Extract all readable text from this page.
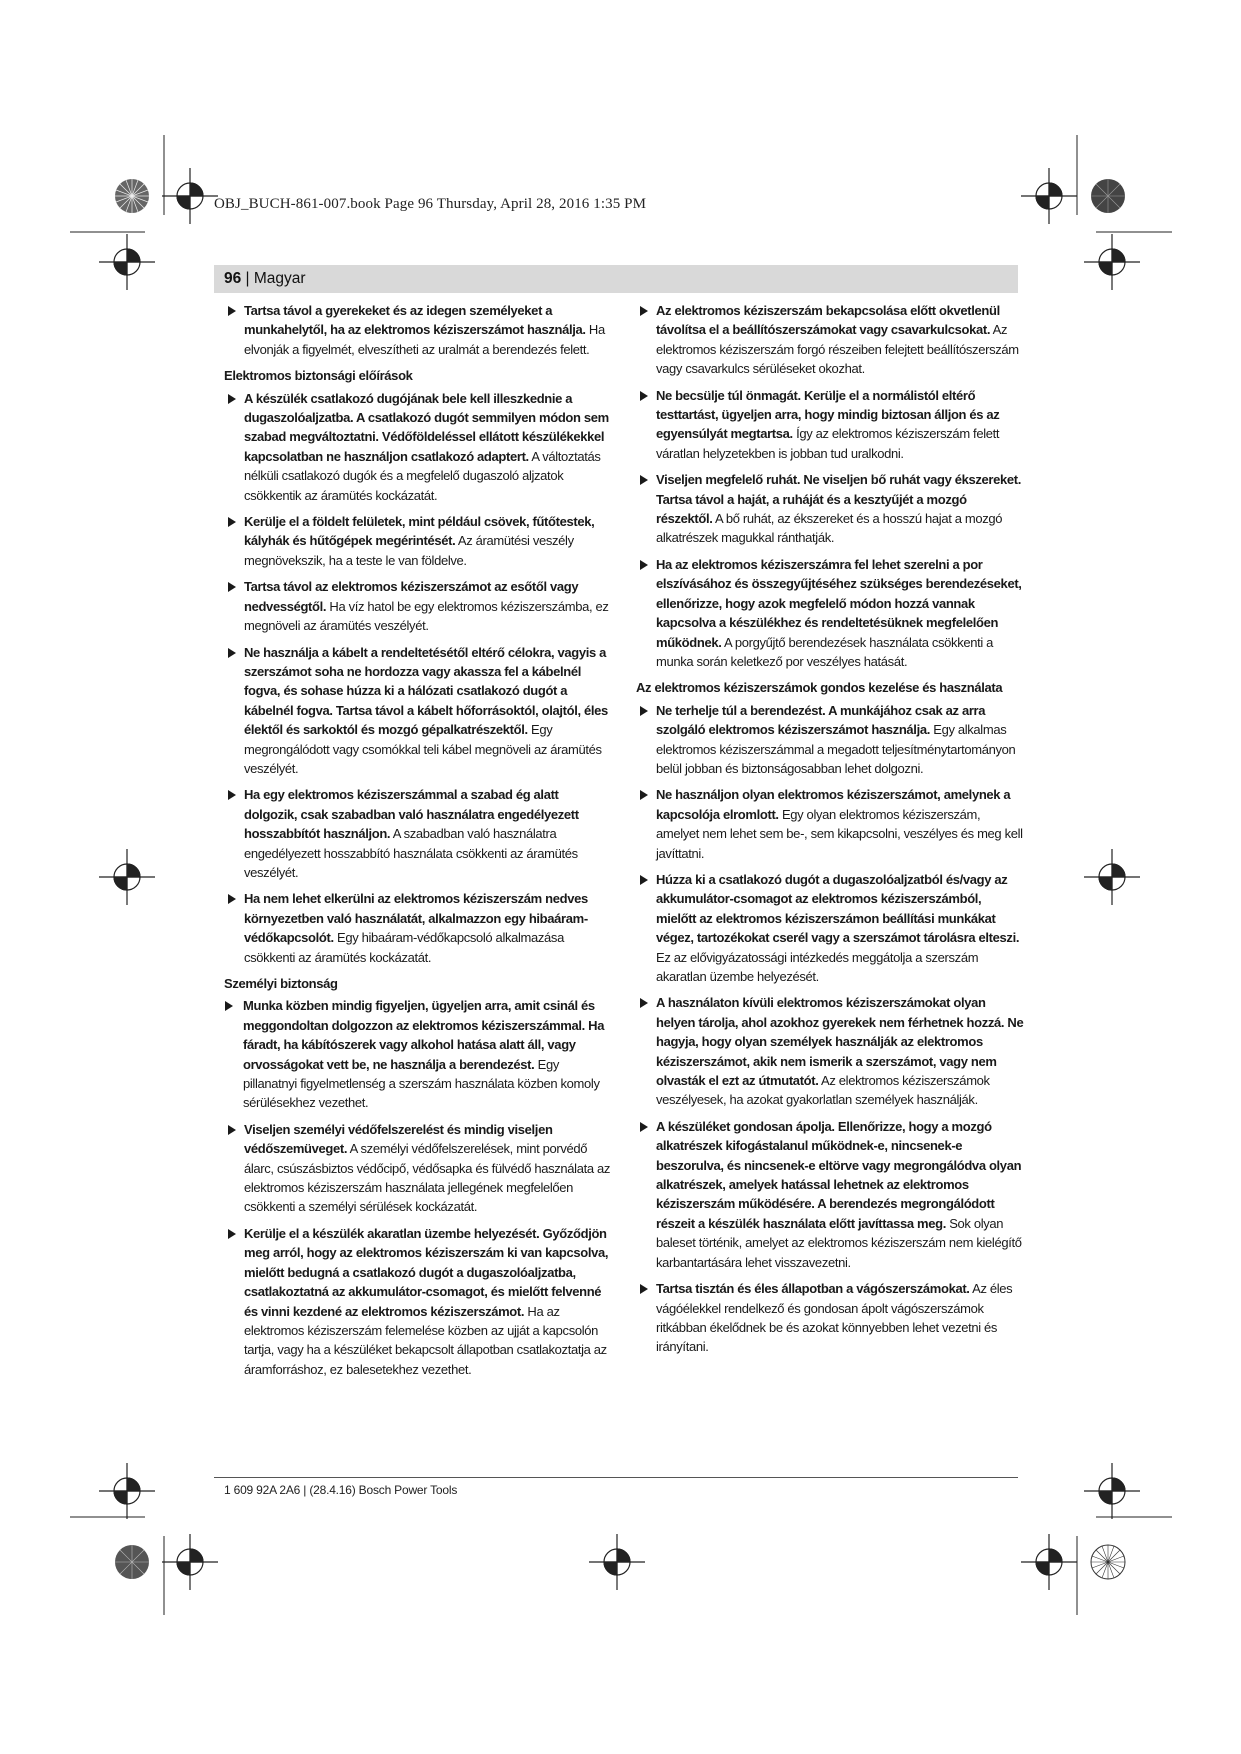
OBJ_BUCH-861-007.book Page 96 Thursday, April 28, 2016 1:35 PM
96 | Magyar
Tartsa távol a gyerekeket és az idegen személyeket a munkahelytől, ha az elektromos kéziszerszámot használja. Ha elvonják a figyelmét, elveszítheti az uralmát a berendezés felett.
Elektromos biztonsági előírások
A készülék csatlakozó dugójának bele kell illeszkednie a dugaszolóaljzatba. A csatlakozó dugót semmilyen módon sem szabad megváltoztatni. Védőföldeléssel ellátott készülékekkel kapcsolatban ne használjon csatlakozó adaptert. A változtatás nélküli csatlakozó dugók és a megfelelő dugaszoló aljzatok csökkentik az áramütés kockázatát.
Kerülje el a földelt felületek, mint például csövek, fűtőtestek, kályhák és hűtőgépek megérintését. Az áramütési veszély megnövekszik, ha a teste le van földelve.
Tartsa távol az elektromos kéziszerszámot az esőtől vagy nedvességtől. Ha víz hatol be egy elektromos kéziszerszámba, ez megnöveli az áramütés veszélyét.
Ne használja a kábelt a rendeltetésétől eltérő célokra, vagyis a szerszámot soha ne hordozza vagy akassza fel a kábelnél fogva, és sohase húzza ki a hálózati csatlakozó dugót a kábelnél fogva. Tartsa távol a kábelt hőforrásoktól, olajtól, éles élektől és sarkoktól és mozgó gépalkatrészektől. Egy megrongálódott vagy csomókkal teli kábel megnöveli az áramütés veszélyét.
Ha egy elektromos kéziszerszámmal a szabad ég alatt dolgozik, csak szabadban való használatra engedélyezett hosszabbítót használjon. A szabadban való használatra engedélyezett hosszabbító használata csökkenti az áramütés veszélyét.
Ha nem lehet elkerülni az elektromos kéziszerszám nedves környezetben való használatát, alkalmazzon egy hibaáram-védőkapcsolót. Egy hibaáram-védőkapcsoló alkalmazása csökkenti az áramütés kockázatát.
Személyi biztonság
Munka közben mindig figyeljen, ügyeljen arra, amit csinál és meggondoltan dolgozzon az elektromos kéziszerszámmal. Ha fáradt, ha kábítószerek vagy alkohol hatása alatt áll, vagy orvosságokat vett be, ne használja a berendezést. Egy pillanatnyi figyelmetlenség a szerszám használata közben komoly sérülésekhez vezethet.
Viseljen személyi védőfelszerelést és mindig viseljen védőszemüveget. A személyi védőfelszerelések, mint porvédő álarc, csúszásbiztos védőcipő, védősapka és fülvédő használata az elektromos kéziszerszám használata jellegének megfelelően csökkenti a személyi sérülések kockázatát.
Kerülje el a készülék akaratlan üzembe helyezését. Győződjön meg arról, hogy az elektromos kéziszerszám ki van kapcsolva, mielőtt bedugná a csatlakozó dugót a dugaszolóaljzatba, csatlakoztatná az akkumulátor-csomagot, és mielőtt felvenné és vinni kezdené az elektromos kéziszerszámot. Ha az elektromos kéziszerszám felemelése közben az ujját a kapcsolón tartja, vagy ha a készüléket bekapcsolt állapotban csatlakoztatja az áramforráshoz, ez balesetekhez vezethet.
Az elektromos kéziszerszám bekapcsolása előtt okvetlenül távolítsa el a beállítószerszámokat vagy csavarkulcsokat. Az elektromos kéziszerszám forgó részeiben felejtett beállítószerszám vagy csavarkulcs sérüléseket okozhat.
Ne becsülje túl önmagát. Kerülje el a normálistól eltérő testtartást, ügyeljen arra, hogy mindig biztosan álljon és az egyensúlyát megtartsa. Így az elektromos kéziszerszám felett váratlan helyzetekben is jobban tud uralkodni.
Viseljen megfelelő ruhát. Ne viseljen bő ruhát vagy ékszereket. Tartsa távol a haját, a ruháját és a kesztyűjét a mozgó részektől. A bő ruhát, az ékszereket és a hosszú hajat a mozgó alkatrészek magukkal ránthatják.
Ha az elektromos kéziszerszámra fel lehet szerelni a por elszívásához és összegyűjtéséhez szükséges berendezéseket, ellenőrizze, hogy azok megfelelő módon hozzá vannak kapcsolva a készülékhez és rendeltetésüknek megfelelően működnek. A porgyűjtő berendezések használata csökkenti a munka során keletkező por veszélyes hatását.
Az elektromos kéziszerszámok gondos kezelése és használata
Ne terhelje túl a berendezést. A munkájához csak az arra szolgáló elektromos kéziszerszámot használja. Egy alkalmas elektromos kéziszerszámmal a megadott teljesítménytartományon belül jobban és biztonságosabban lehet dolgozni.
Ne használjon olyan elektromos kéziszerszámot, amelynek a kapcsolója elromlott. Egy olyan elektromos kéziszerszám, amelyet nem lehet sem be-, sem kikapcsolni, veszélyes és meg kell javíttatni.
Húzza ki a csatlakozó dugót a dugaszolóaljzatból és/vagy az akkumulátor-csomagot az elektromos kéziszerszámból, mielőtt az elektromos kéziszerszámon beállítási munkákat végez, tartozékokat cserél vagy a szerszámot tárolásra elteszi. Ez az elővigyázatossági intézkedés meggátolja a szerszám akaratlan üzembe helyezését.
A használaton kívüli elektromos kéziszerszámokat olyan helyen tárolja, ahol azokhoz gyerekek nem férhetnek hozzá. Ne hagyja, hogy olyan személyek használják az elektromos kéziszerszámot, akik nem ismerik a szerszámot, vagy nem olvasták el ezt az útmutatót. Az elektromos kéziszerszámok veszélyesek, ha azokat gyakorlatlan személyek használják.
A készüléket gondosan ápolja. Ellenőrizze, hogy a mozgó alkatrészek kifogástalanul működnek-e, nincsenek-e beszorulva, és nincsenek-e eltörve vagy megrongálódva olyan alkatrészek, amelyek hatással lehetnek az elektromos kéziszerszám működésére. A berendezés megrongálódott részeit a készülék használata előtt javíttassa meg. Sok olyan baleset történik, amelyet az elektromos kéziszerszám nem kielégítő karbantartására lehet visszavezetni.
Tartsa tisztán és éles állapotban a vágószerszámokat. Az éles vágóélekkel rendelkező és gondosan ápolt vágószerszámok ritkábban ékelődnek be és azokat könnyebben lehet vezetni és irányítani.
1 609 92A 2A6 | (28.4.16) Bosch Power Tools
